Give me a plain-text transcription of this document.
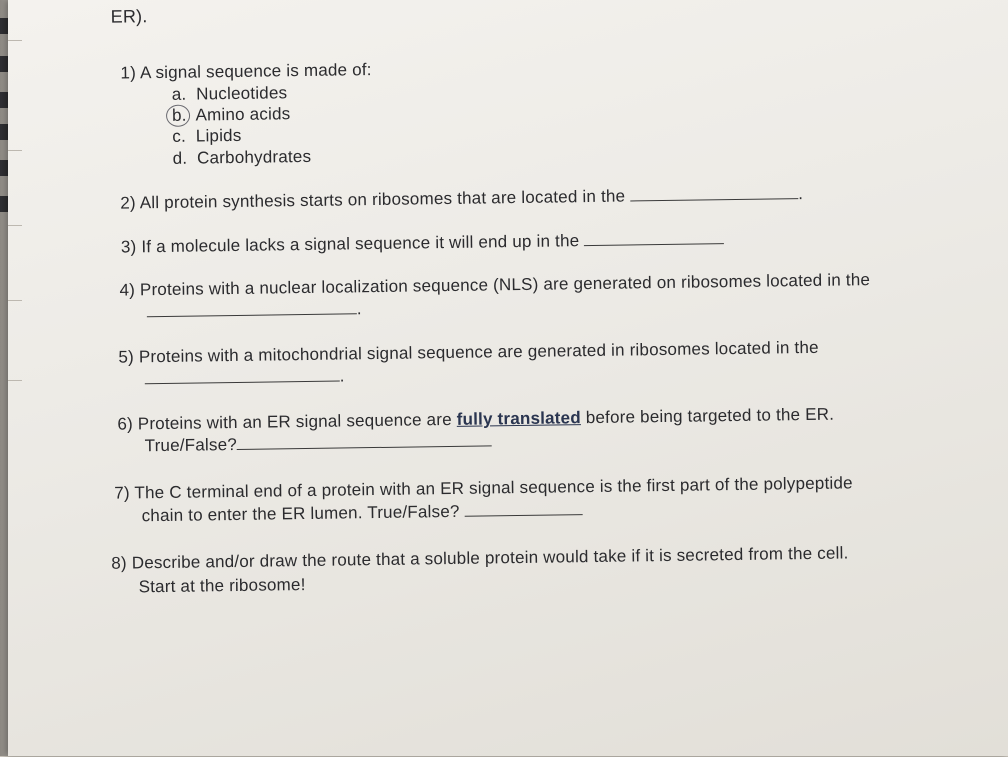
ER).
1) A signal sequence is made of:
a. Nucleotides
b. Amino acids
c. Lipids
d. Carbohydrates
2) All protein synthesis starts on ribosomes that are located in the	.
3) If a molecule lacks a signal sequence it will end up in the
4) Proteins with a nuclear localization sequence (NLS) are generated on ribosomes located in the
.
5) Proteins with a mitochondrial signal sequence are generated in ribosomes located in the
.
6) Proteins with an ER signal sequence are fully translated before being targeted to the ER.
True/False?
7) The C terminal end of a protein with an ER signal sequence is the first part of the polypeptide
chain to enter the ER lumen. True/False?
8) Describe and/or draw the route that a soluble protein would take if it is secreted from the cell.
Start at the ribosome!
